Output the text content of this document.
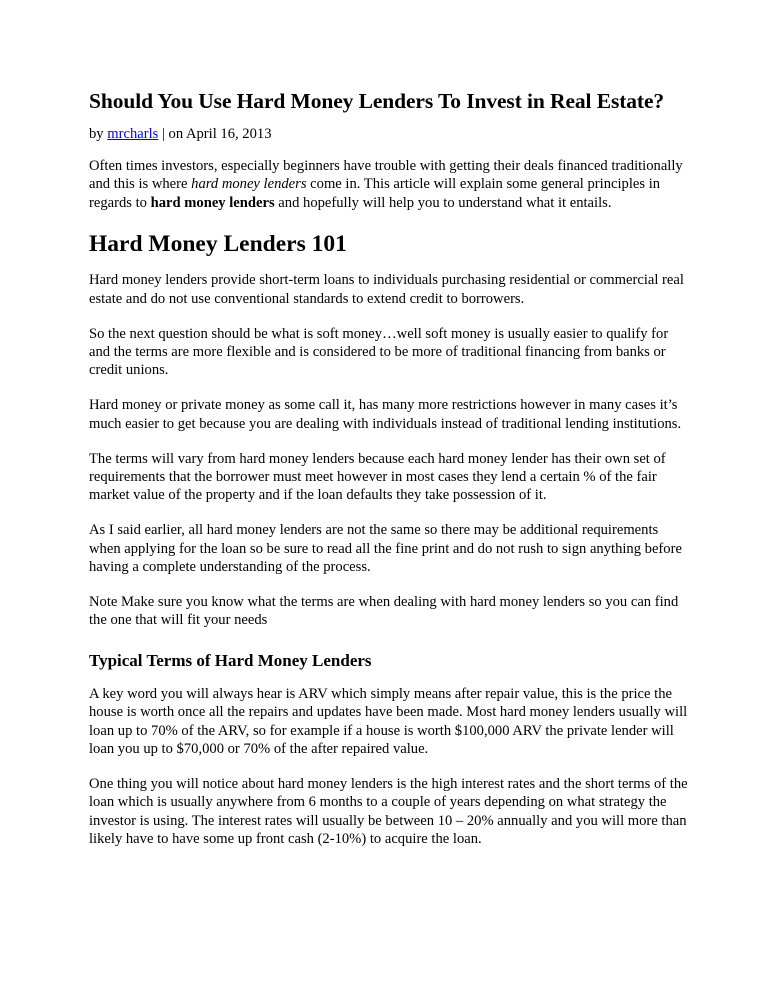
Should You Use Hard Money Lenders To Invest in Real Estate?
by mrcharls | on April 16, 2013

Often times investors, especially beginners have trouble with getting their deals financed traditionally and this is where hard money lenders come in. This article will explain some general principles in regards to hard money lenders and hopefully will help you to understand what it entails.

Hard Money Lenders 101

Hard money lenders provide short-term loans to individuals purchasing residential or commercial real estate and do not use conventional standards to extend credit to borrowers.

So the next question should be what is soft money…well soft money is usually easier to qualify for and the terms are more flexible and is considered to be more of traditional financing from banks or credit unions.

Hard money or private money as some call it, has many more restrictions however in many cases it’s much easier to get because you are dealing with individuals instead of traditional lending institutions.

The terms will vary from hard money lenders because each hard money lender has their own set of requirements that the borrower must meet however in most cases they lend a certain % of the fair market value of the property and if the loan defaults they take possession of it.

As I said earlier, all hard money lenders are not the same so there may be additional requirements when applying for the loan so be sure to read all the fine print and do not rush to sign anything before having a complete understanding of the process.

Note Make sure you know what the terms are when dealing with hard money lenders so you can find the one that will fit your needs

Typical Terms of Hard Money Lenders

A key word you will always hear is ARV which simply means after repair value, this is the price the house is worth once all the repairs and updates have been made. Most hard money lenders usually will loan up to 70% of the ARV, so for example if a house is worth $100,000 ARV the private lender will loan you up to $70,000 or 70% of the after repaired value.

One thing you will notice about hard money lenders is the high interest rates and the short terms of the loan which is usually anywhere from 6 months to a couple of years depending on what strategy the investor is using. The interest rates will usually be between 10 – 20% annually and you will more than likely have to have some up front cash (2-10%) to acquire the loan.
